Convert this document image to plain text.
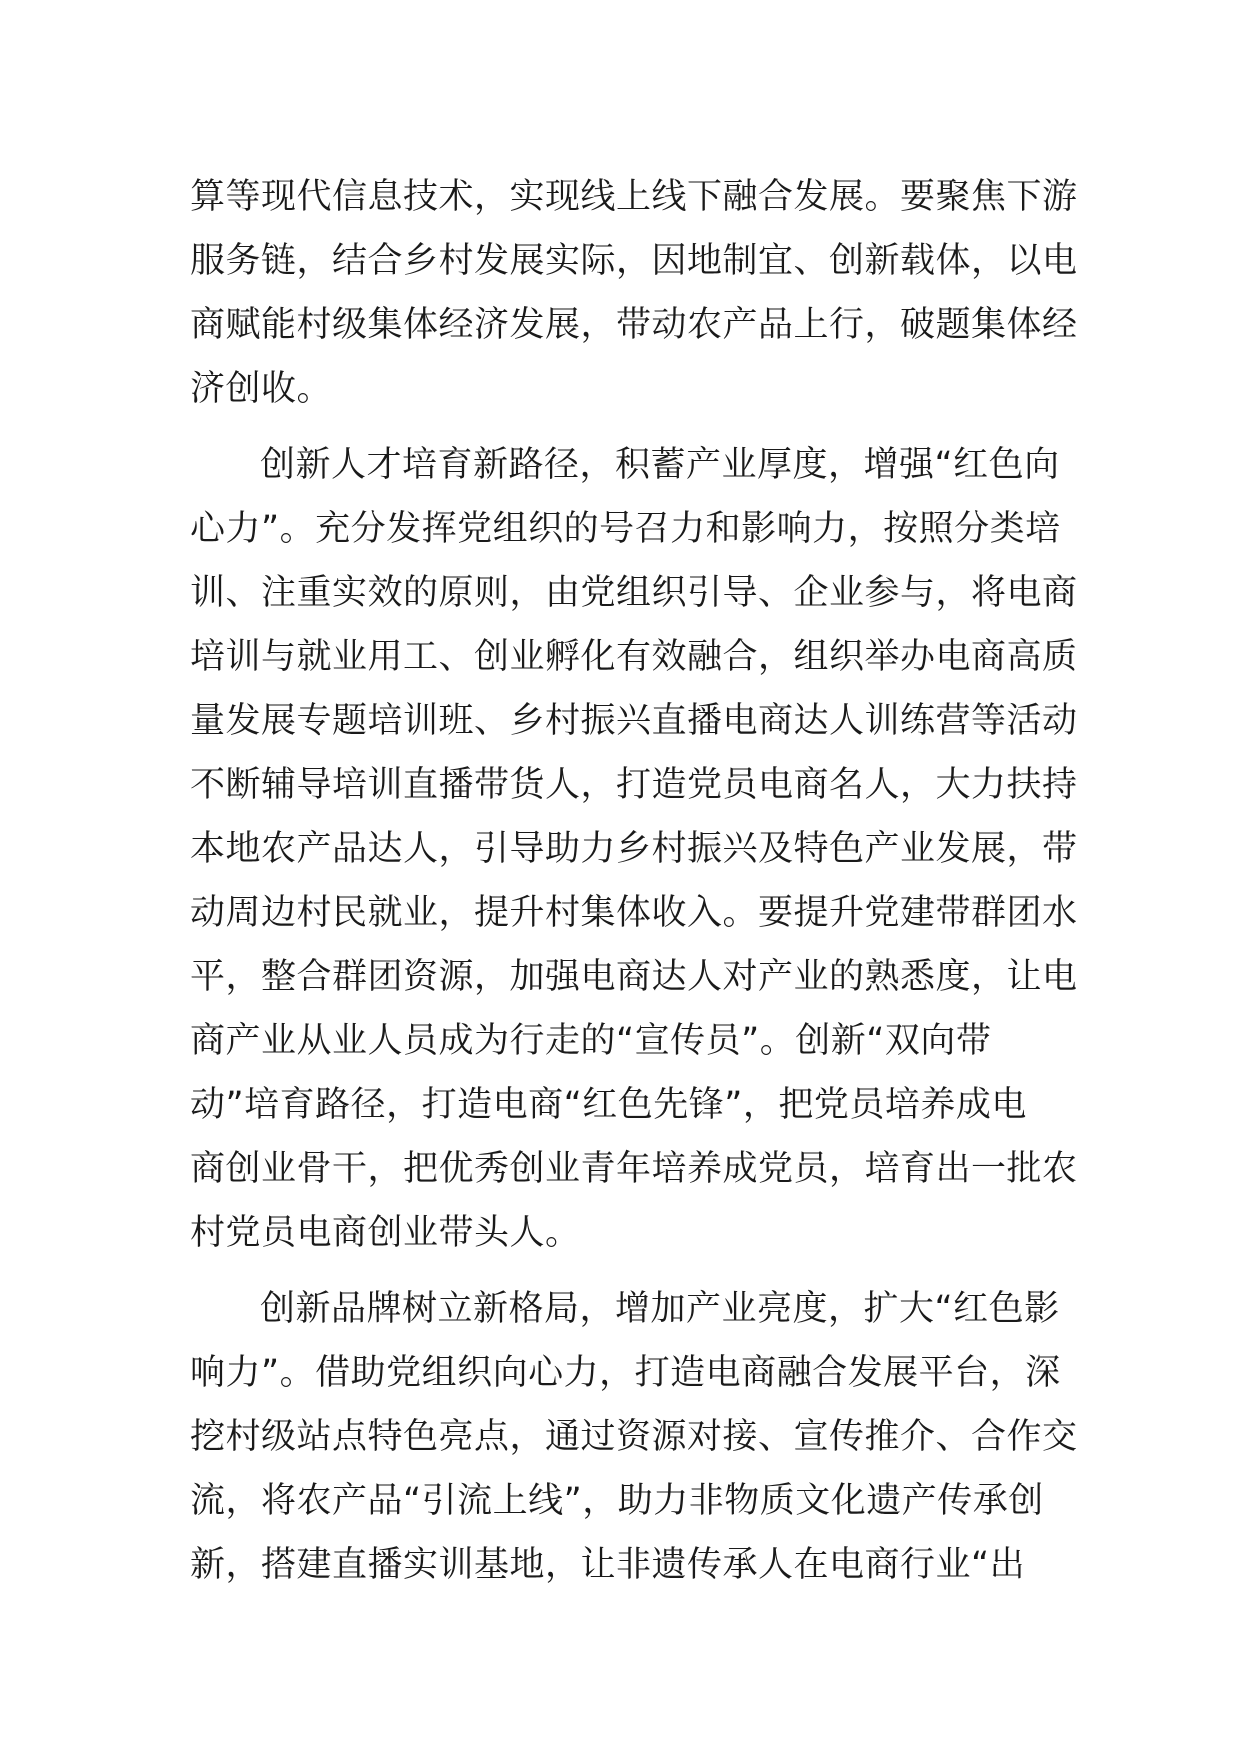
算等现代信息技术，实现线上线下融合发展。要聚焦下游
服务链，结合乡村发展实际，因地制宜、创新载体，以电
商赋能村级集体经济发展，带动农产品上行，破题集体经
济创收。
创新人才培育新路径，积蓄产业厚度，增强“红色向
心力”。充分发挥党组织的号召力和影响力，按照分类培
训、注重实效的原则，由党组织引导、企业参与，将电商
培训与就业用工、创业孵化有效融合，组织举办电商高质
量发展专题培训班、乡村振兴直播电商达人训练营等活动
不断辅导培训直播带货人，打造党员电商名人，大力扶持
本地农产品达人，引导助力乡村振兴及特色产业发展，带
动周边村民就业，提升村集体收入。要提升党建带群团水
平，整合群团资源，加强电商达人对产业的熟悉度，让电
商产业从业人员成为行走的“宣传员”。创新“双向带
动”培育路径，打造电商“红色先锋”，把党员培养成电
商创业骨干，把优秀创业青年培养成党员，培育出一批农
村党员电商创业带头人。
创新品牌树立新格局，增加产业亮度，扩大“红色影
响力”。借助党组织向心力，打造电商融合发展平台，深
挖村级站点特色亮点，通过资源对接、宣传推介、合作交
流，将农产品“引流上线”，助力非物质文化遗产传承创
新，搭建直播实训基地，让非遗传承人在电商行业“出
